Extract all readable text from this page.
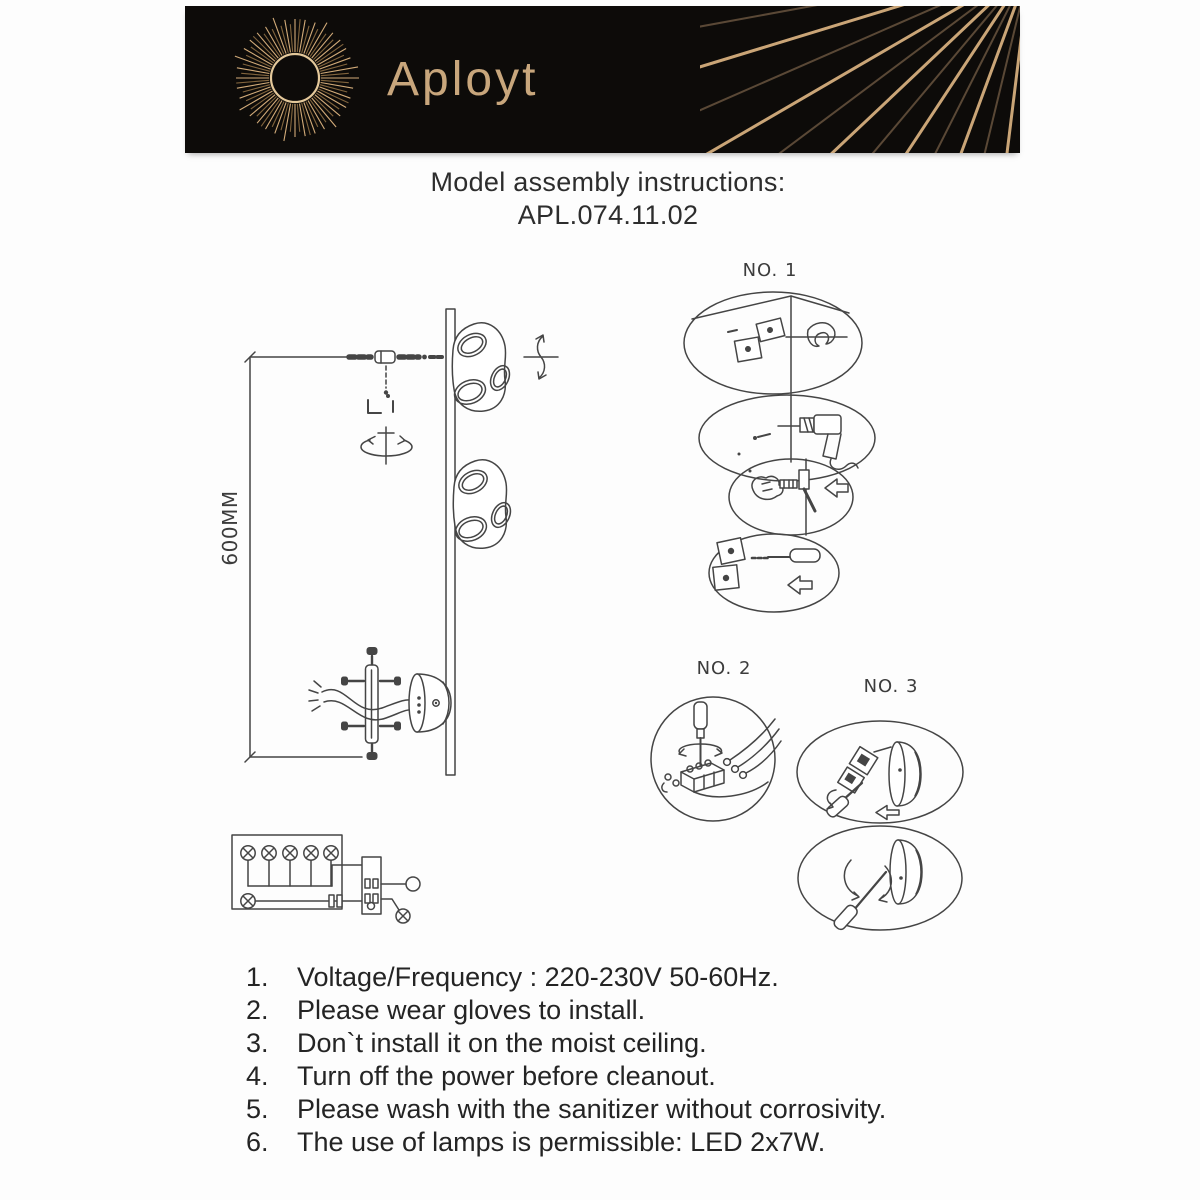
Aployt
Model assembly instructions:
APL.074.11.02
NO. 1
NO. 2
NO. 3
600MM
1.	Voltage/Frequency : 220-230V 50-60Hz.
2.	Please wear gloves to install.
3.	Don`t install it on the moist ceiling.
4.	Turn off the power before cleanout.
5.	Please wash with the sanitizer without corrosivity.
6.	The use of lamps is permissible: LED 2x7W.
